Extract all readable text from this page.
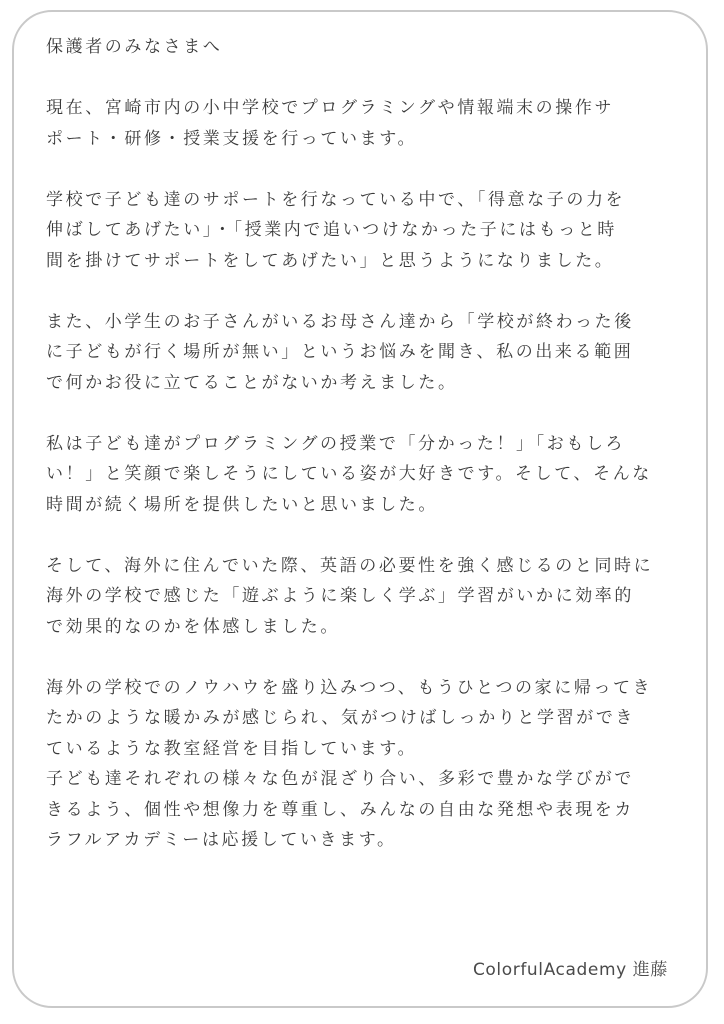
保護者のみなさまへ
現在、宮崎市内の小中学校でプログラミングや情報端末の操作サ
ポート・研修・授業支援を行っています。
学校で子ども達のサポートを行なっている中で、「得意な子の力を
伸ばしてあげたい」・「授業内で追いつけなかった子にはもっと時
間を掛けてサポートをしてあげたい」と思うようになりました。
また、小学生のお子さんがいるお母さん達から「学校が終わった後
に子どもが行く場所が無い」というお悩みを聞き、私の出来る範囲
で何かお役に立てることがないか考えました。
私は子ども達がプログラミングの授業で「分かった！」「おもしろ
い！」と笑顔で楽しそうにしている姿が大好きです。そして、そんな
時間が続く場所を提供したいと思いました。
そして、海外に住んでいた際、英語の必要性を強く感じるのと同時に
海外の学校で感じた「遊ぶように楽しく学ぶ」学習がいかに効率的
で効果的なのかを体感しました。
海外の学校でのノウハウを盛り込みつつ、もうひとつの家に帰ってき
たかのような暖かみが感じられ、気がつけばしっかりと学習ができ
ているような教室経営を目指しています。
子ども達それぞれの様々な色が混ざり合い、多彩で豊かな学びがで
きるよう、個性や想像力を尊重し、みんなの自由な発想や表現をカ
ラフルアカデミーは応援していきます。
ColorfulAcademy 進藤
